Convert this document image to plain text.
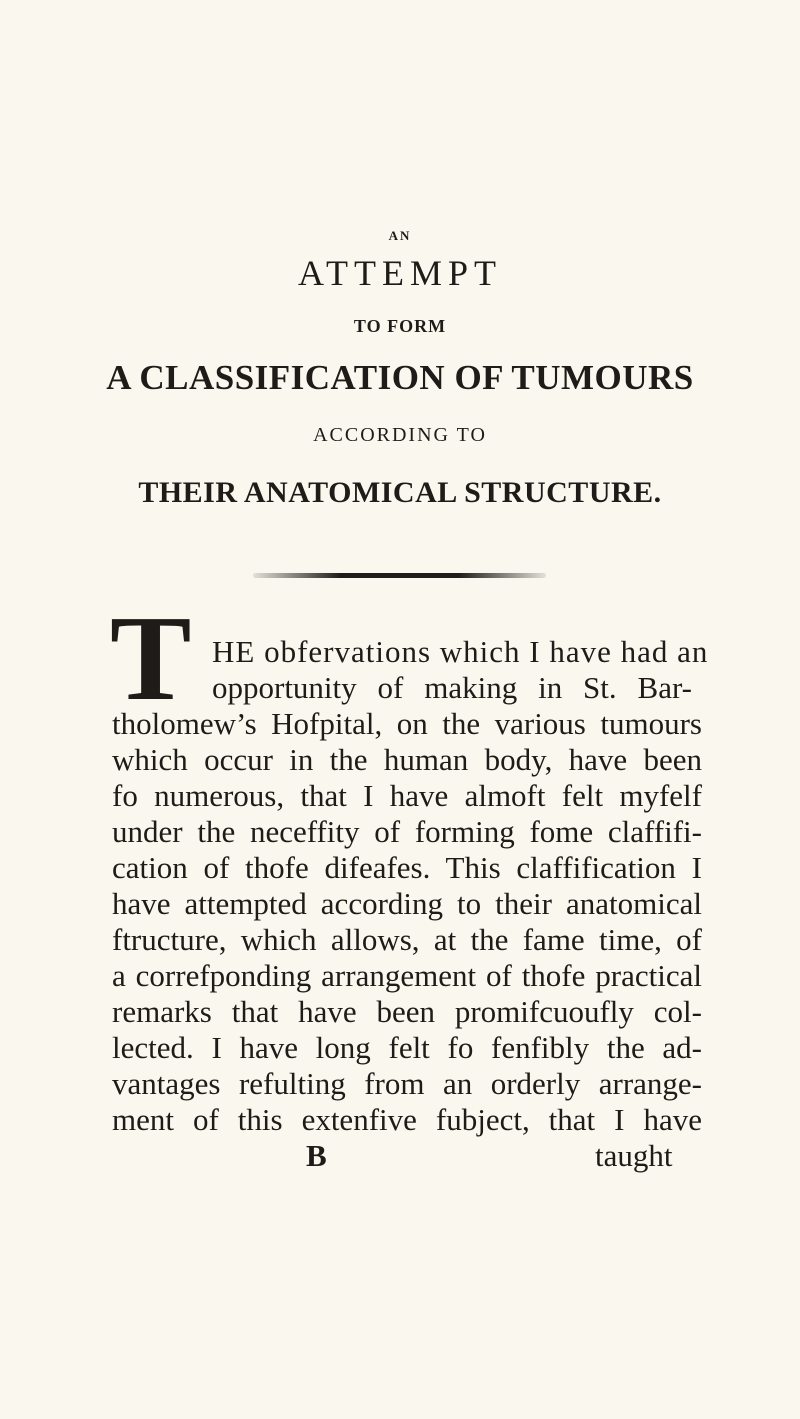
AN
ATTEMPT
TO FORM
A CLASSIFICATION OF TUMOURS
ACCORDING TO
THEIR ANATOMICAL STRUCTURE.
T HE obfervations which I have had an
opportunity of making in St. Bar-
tholomew’s Hofpital, on the various tumours
which occur in the human body, have been
fo numerous, that I have almoft felt myfelf
under the neceffity of forming fome claffifi-
cation of thofe difeafes. This claffification I
have attempted according to their anatomical
ftructure, which allows, at the fame time, of
a correfponding arrangement of thofe practical
remarks that have been promifcuoufly col-
lected. I have long felt fo fenfibly the ad-
vantages refulting from an orderly arrange-
ment of this extenfive fubject, that I have
B	taught
